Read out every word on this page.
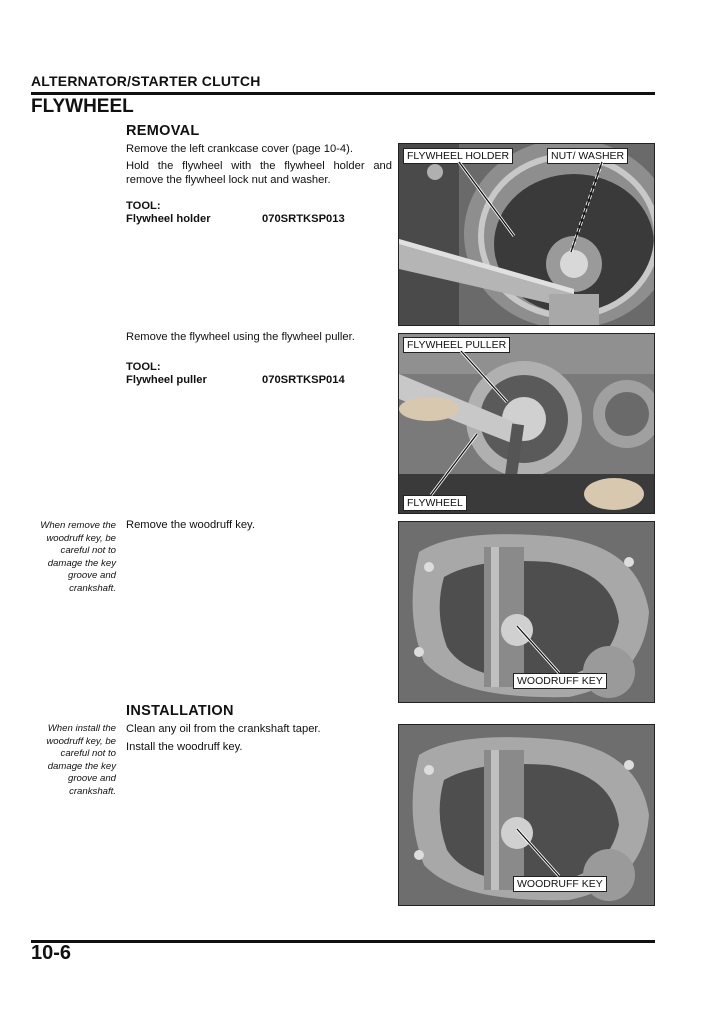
ALTERNATOR/STARTER CLUTCH
FLYWHEEL
REMOVAL
Remove the left crankcase cover (page 10-4).
Hold the flywheel with the flywheel holder and remove the flywheel lock nut and washer.
TOOL:
Flywheel holder	070SRTKSP013
Remove the flywheel using the flywheel puller.
TOOL:
Flywheel puller	070SRTKSP014
When remove the woodruff key, be careful not to damage the key groove and crankshaft.
Remove the woodruff key.
INSTALLATION
When install the woodruff key, be careful not to damage the key groove and crankshaft.
Clean any oil from the crankshaft taper.
Install the woodruff key.
FLYWHEEL HOLDER	NUT/ WASHER
FLYWHEEL PULLER
FLYWHEEL
WOODRUFF KEY
WOODRUFF KEY
10-6
